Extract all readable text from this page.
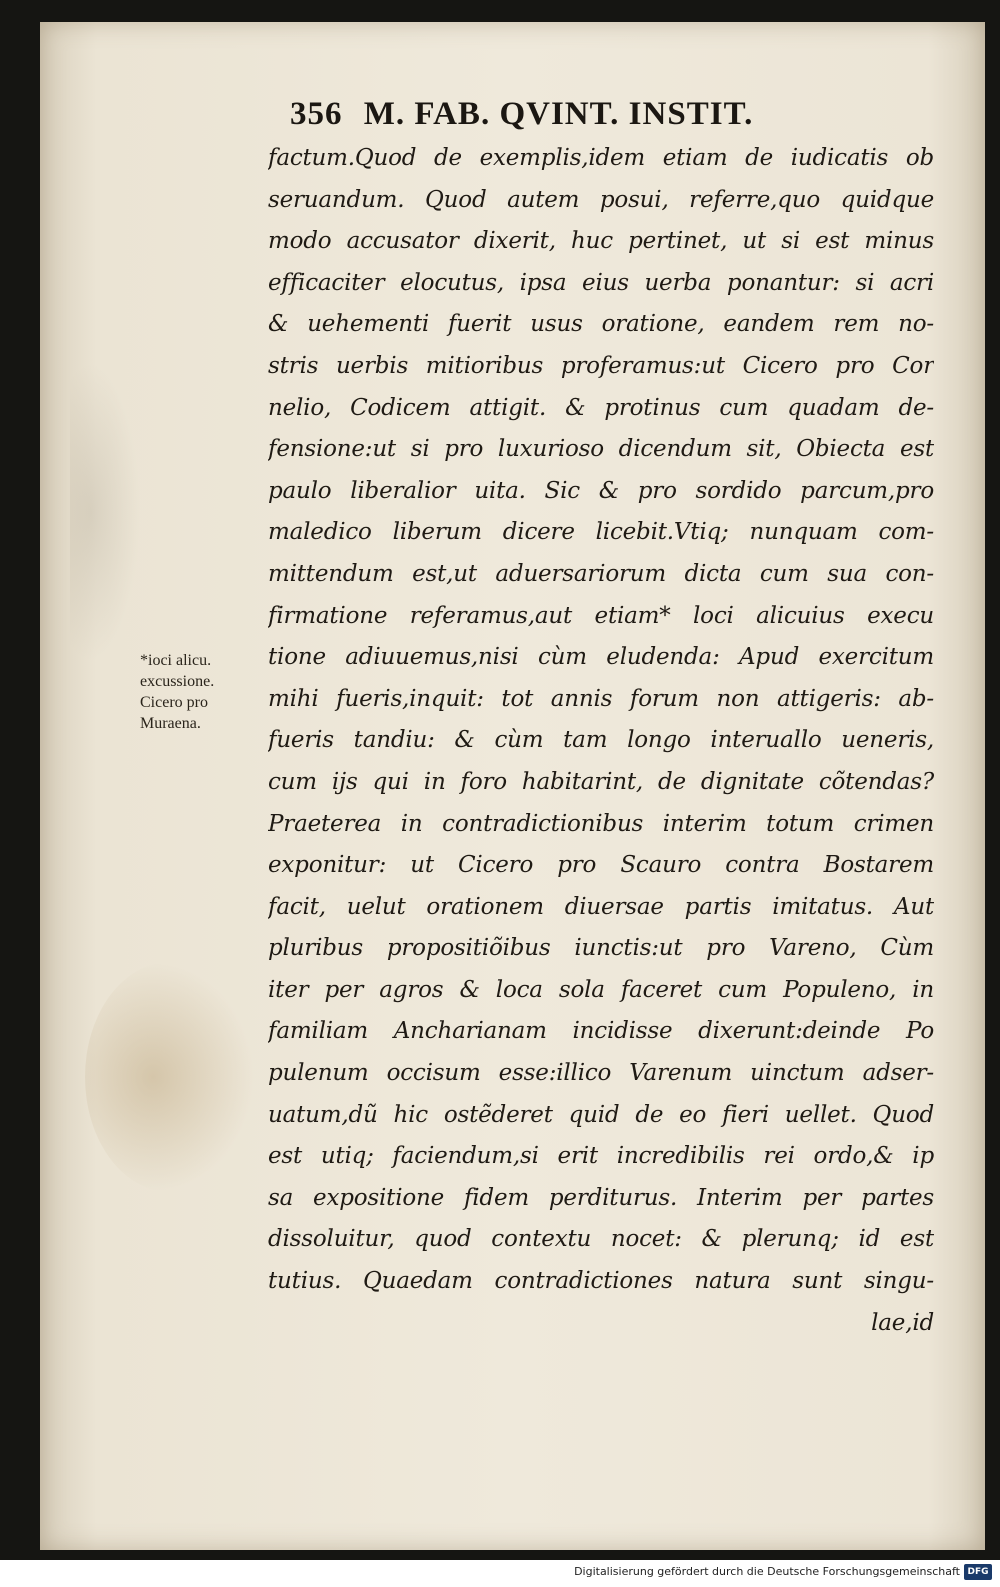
356 M. FAB. QVINT. INSTIT.
factum.Quod de exemplis,idem etiam de iudicatis ob
seruandum. Quod autem posui, referre,quo quidque
modo accusator dixerit, huc pertinet, ut si est minus
efficaciter elocutus, ipsa eius uerba ponantur: si acri
& uehementi fuerit usus oratione, eandem rem no-
stris uerbis mitioribus proferamus:ut Cicero pro Cor
nelio, Codicem attigit. & protinus cum quadam de-
fensione:ut si pro luxurioso dicendum sit, Obiecta est
paulo liberalior uita. Sic & pro sordido parcum,pro
maledico liberum dicere licebit.Vtiq; nunquam com-
mittendum est,ut aduersariorum dicta cum sua con-
firmatione referamus,aut etiam* loci alicuius execu
tione adiuuemus,nisi cùm eludenda: Apud exercitum
mihi fueris,inquit: tot annis forum non attigeris: ab-
fueris tandiu: & cùm tam longo interuallo ueneris,
cum ijs qui in foro habitarint, de dignitate cõtendas?
Praeterea in contradictionibus interim totum crimen
exponitur: ut Cicero pro Scauro contra Bostarem
facit, uelut orationem diuersae partis imitatus. Aut
pluribus propositiõibus iunctis:ut pro Vareno, Cùm
iter per agros & loca sola faceret cum Populeno, in
familiam Ancharianam incidisse dixerunt:deinde Po
pulenum occisum esse:illico Varenum uinctum adser-
uatum,dũ hic ostẽderet quid de eo fieri uellet. Quod
est utiq; faciendum,si erit incredibilis rei ordo,& ip
sa expositione fidem perditurus. Interim per partes
dissoluitur, quod contextu nocet: & plerunq; id est
tutius. Quaedam contradictiones natura sunt singu-
lae,id
*ioci alicu.
excussione.
Cicero pro
Muraena.
Digitalisierung gefördert durch die Deutsche Forschungsgemeinschaft DFG
